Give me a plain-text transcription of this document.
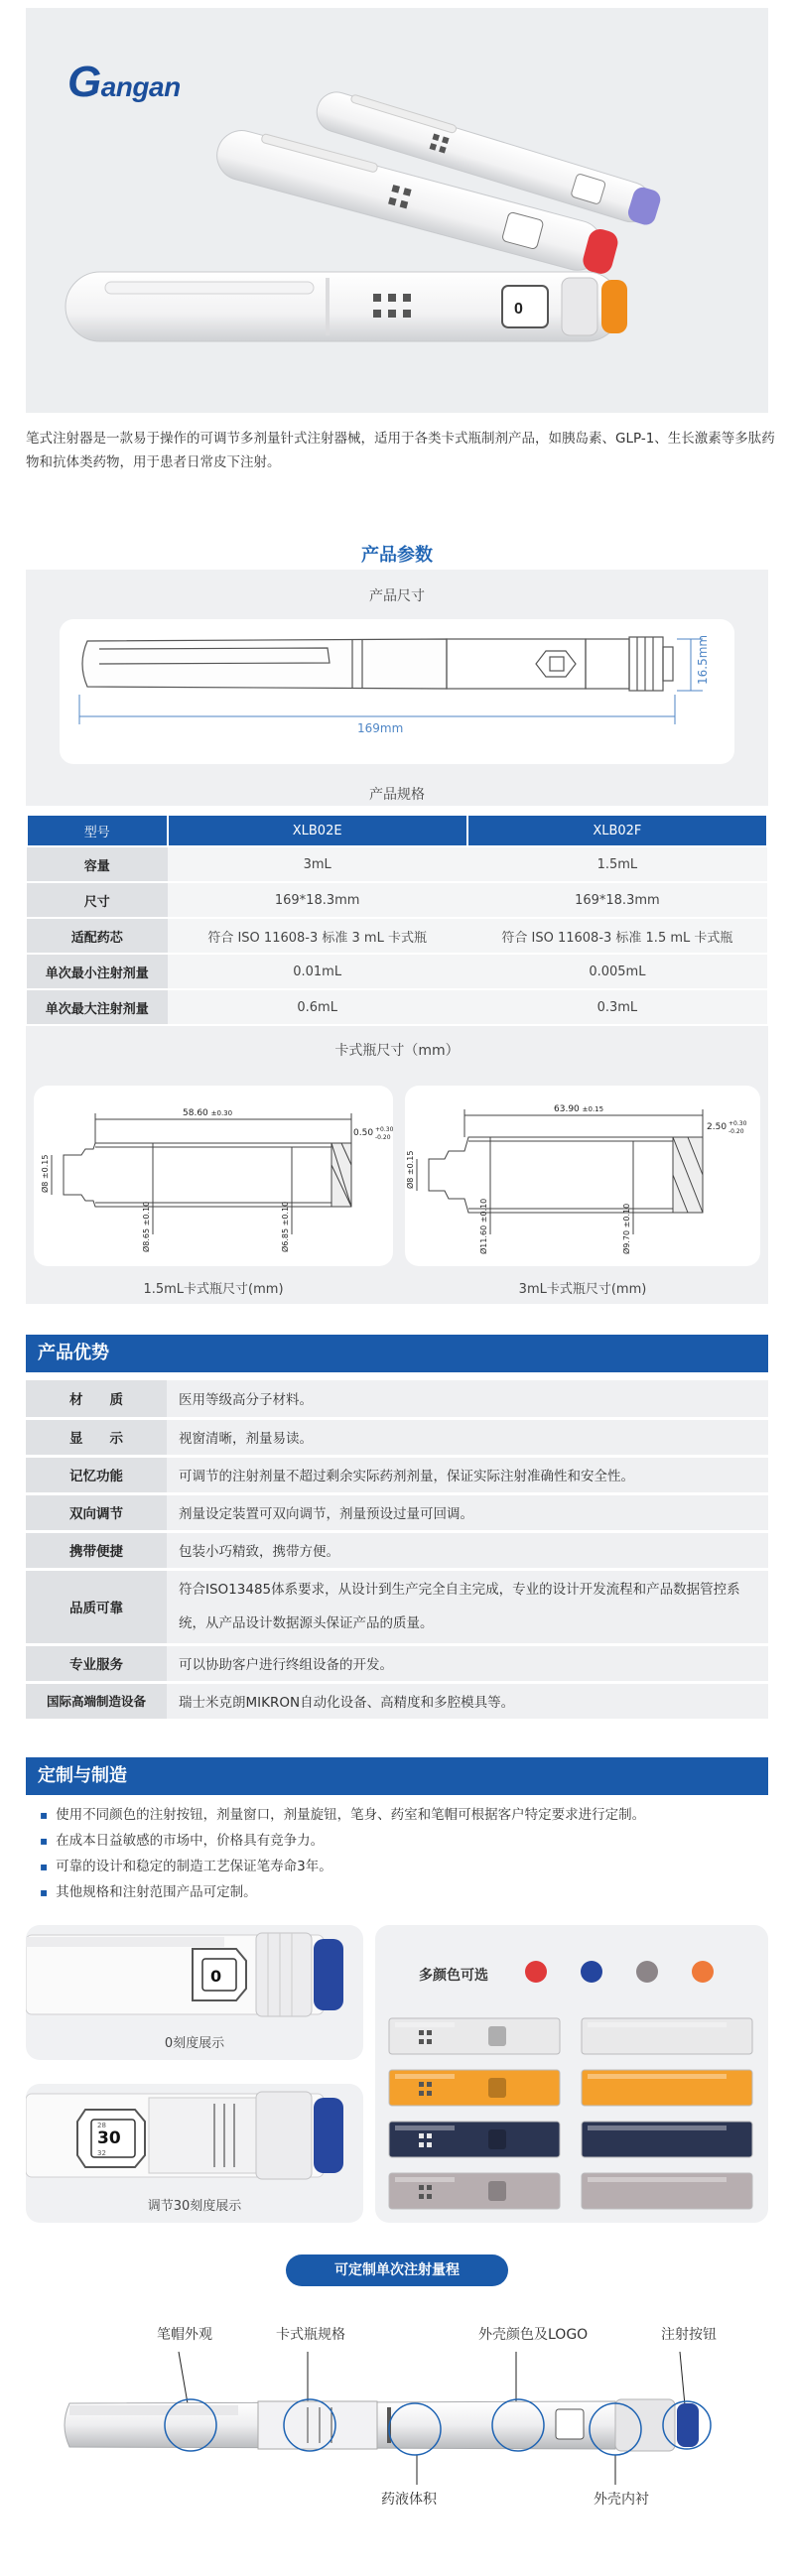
Gangan
0

笔式注射器是一款易于操作的可调节多剂量针式注射器械，适用于各类卡式瓶制剂产品，如胰岛素、GLP-1、生长激素等多肽药物和抗体类药物，用于患者日常皮下注射。

产品参数
产品尺寸
169mm
16.5mm
产品规格
型号	XLB02E	XLB02F
容量	3mL	1.5mL
尺寸	169*18.3mm	169*18.3mm
适配药芯	符合 ISO 11608-3 标准 3 mL 卡式瓶	符合 ISO 11608-3 标准 1.5 mL 卡式瓶
单次最小注射剂量	0.01mL	0.005mL
单次最大注射剂量	0.6mL	0.3mL
卡式瓶尺寸（mm）
58.60 ±0.30
0.50 +0.30
-0.20
Ø8 ±0.15
Ø8.65 ±0.10
Ø6.85 ±0.10
63.90 ±0.15
2.50 +0.30
-0.20
Ø8 ±0.15
Ø11.60 ±0.10
Ø9.70 ±0.10
1.5mL卡式瓶尺寸(mm)	3mL卡式瓶尺寸(mm)
产品优势
材　　质	医用等级高分子材料。
显　　示	视窗清晰，剂量易读。
记忆功能	可调节的注射剂量不超过剩余实际药剂剂量，保证实际注射准确性和安全性。
双向调节	剂量设定装置可双向调节，剂量预设过量可回调。
携带便捷	包装小巧精致，携带方便。
品质可靠	符合ISO13485体系要求，从设计到生产完全自主完成，专业的设计开发流程和产品数据管控系统，从产品设计数据源头保证产品的质量。
专业服务	可以协助客户进行终组设备的开发。
国际高端制造设备	瑞士米克朗MIKRON自动化设备、高精度和多腔模具等。
定制与制造
▪ 使用不同颜色的注射按钮，剂量窗口，剂量旋钮，笔身、药室和笔帽可根据客户特定要求进行定制。
▪ 在成本日益敏感的市场中，价格具有竞争力。
▪ 可靠的设计和稳定的制造工艺保证笔寿命3年。
▪ 其他规格和注射范围产品可定制。
0
0刻度展示
30
28
32
调节30刻度展示
多颜色可选
可定制单次注射量程
笔帽外观	卡式瓶规格	外壳颜色及LOGO	注射按钮
药液体积	外壳内衬
